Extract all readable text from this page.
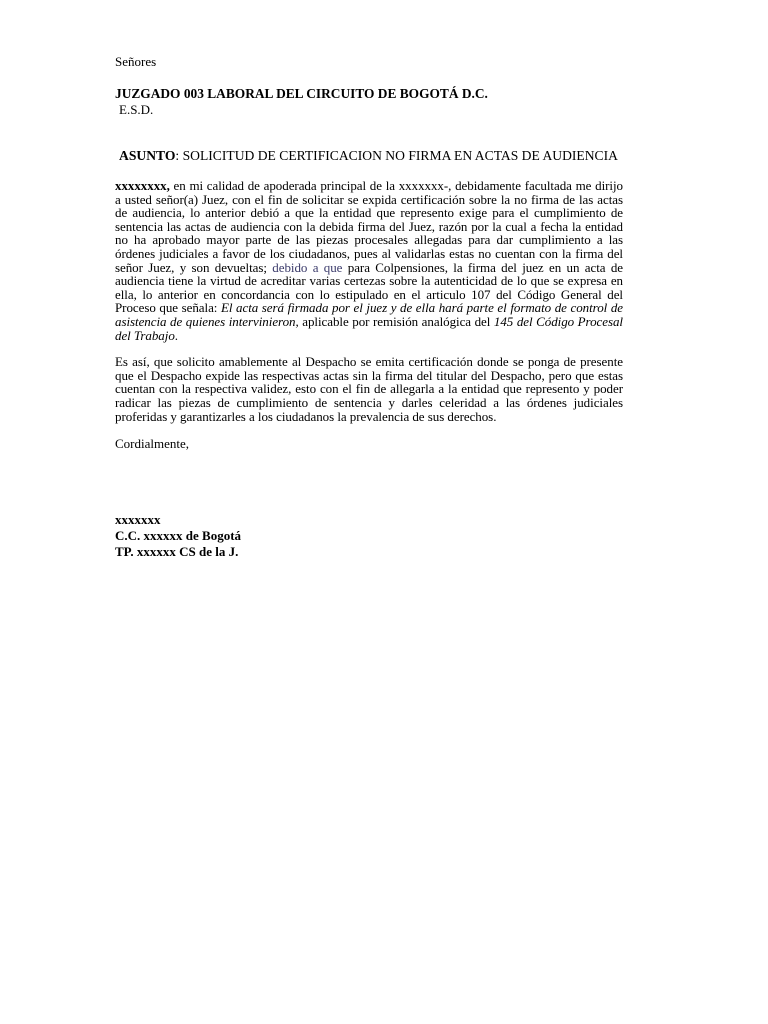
Señores

JUZGADO 003 LABORAL DEL CIRCUITO DE BOGOTÁ D.C.

E.S.D.

ASUNTO: SOLICITUD DE CERTIFICACION NO FIRMA EN ACTAS DE AUDIENCIA

xxxxxxxx, en mi calidad de apoderada principal de la xxxxxxx-, debidamente facultada me dirijo a usted señor(a) Juez, con el fin de solicitar se expida certificación sobre la no firma de las actas de audiencia, lo anterior debió a que la entidad que represento exige para el cumplimiento de sentencia las actas de audiencia con la debida firma del Juez, razón por la cual a fecha la entidad no ha aprobado mayor parte de las piezas procesales allegadas para dar cumplimiento a las órdenes judiciales a favor de los ciudadanos, pues al validarlas estas no cuentan con la firma del señor Juez, y son devueltas; debido a que para Colpensiones, la firma del juez en un acta de audiencia tiene la virtud de acreditar varias certezas sobre la autenticidad de lo que se expresa en ella, lo anterior en concordancia con lo estipulado en el articulo 107 del Código General del Proceso que señala: El acta será firmada por el juez y de ella hará parte el formato de control de asistencia de quienes intervinieron, aplicable por remisión analógica del 145 del Código Procesal del Trabajo.

Es así, que solicito amablemente al Despacho se emita certificación donde se ponga de presente que el Despacho expide las respectivas actas sin la firma del titular del Despacho, pero que estas cuentan con la respectiva validez, esto con el fin de allegarla a la entidad que represento y poder radicar las piezas de cumplimiento de sentencia y darles celeridad a las órdenes judiciales proferidas y garantizarles a los ciudadanos la prevalencia de sus derechos.

Cordialmente,

xxxxxxx

C.C. xxxxxx de Bogotá

TP. xxxxxx CS de la J.
